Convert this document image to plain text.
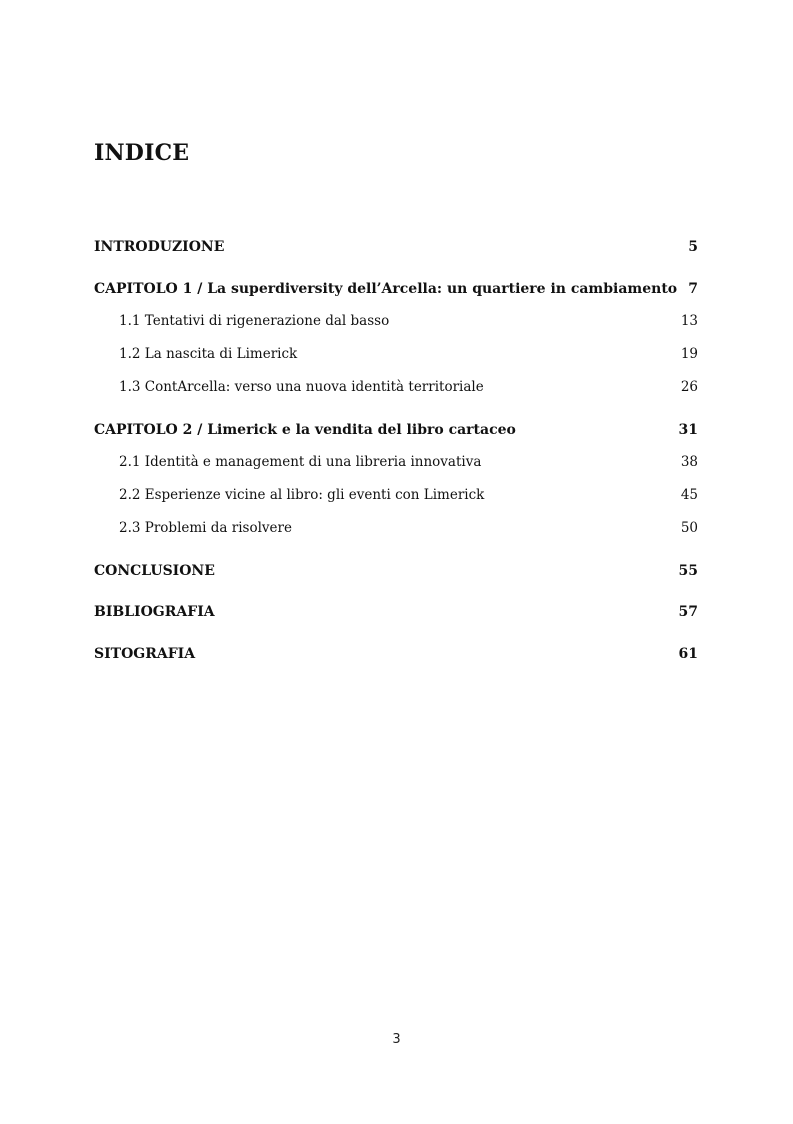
INDICE
INTRODUZIONE	5
CAPITOLO 1 / La superdiversity dell’Arcella: un quartiere in cambiamento 7
1.1 Tentativi di rigenerazione dal basso	13
1.2 La nascita di Limerick	19
1.3 ContArcella: verso una nuova identità territoriale	26
CAPITOLO 2 / Limerick e la vendita del libro cartaceo	31
2.1 Identità e management di una libreria innovativa	38
2.2 Esperienze vicine al libro: gli eventi con Limerick	45
2.3 Problemi da risolvere	50
CONCLUSIONE	55
BIBLIOGRAFIA	57
SITOGRAFIA	61
3
